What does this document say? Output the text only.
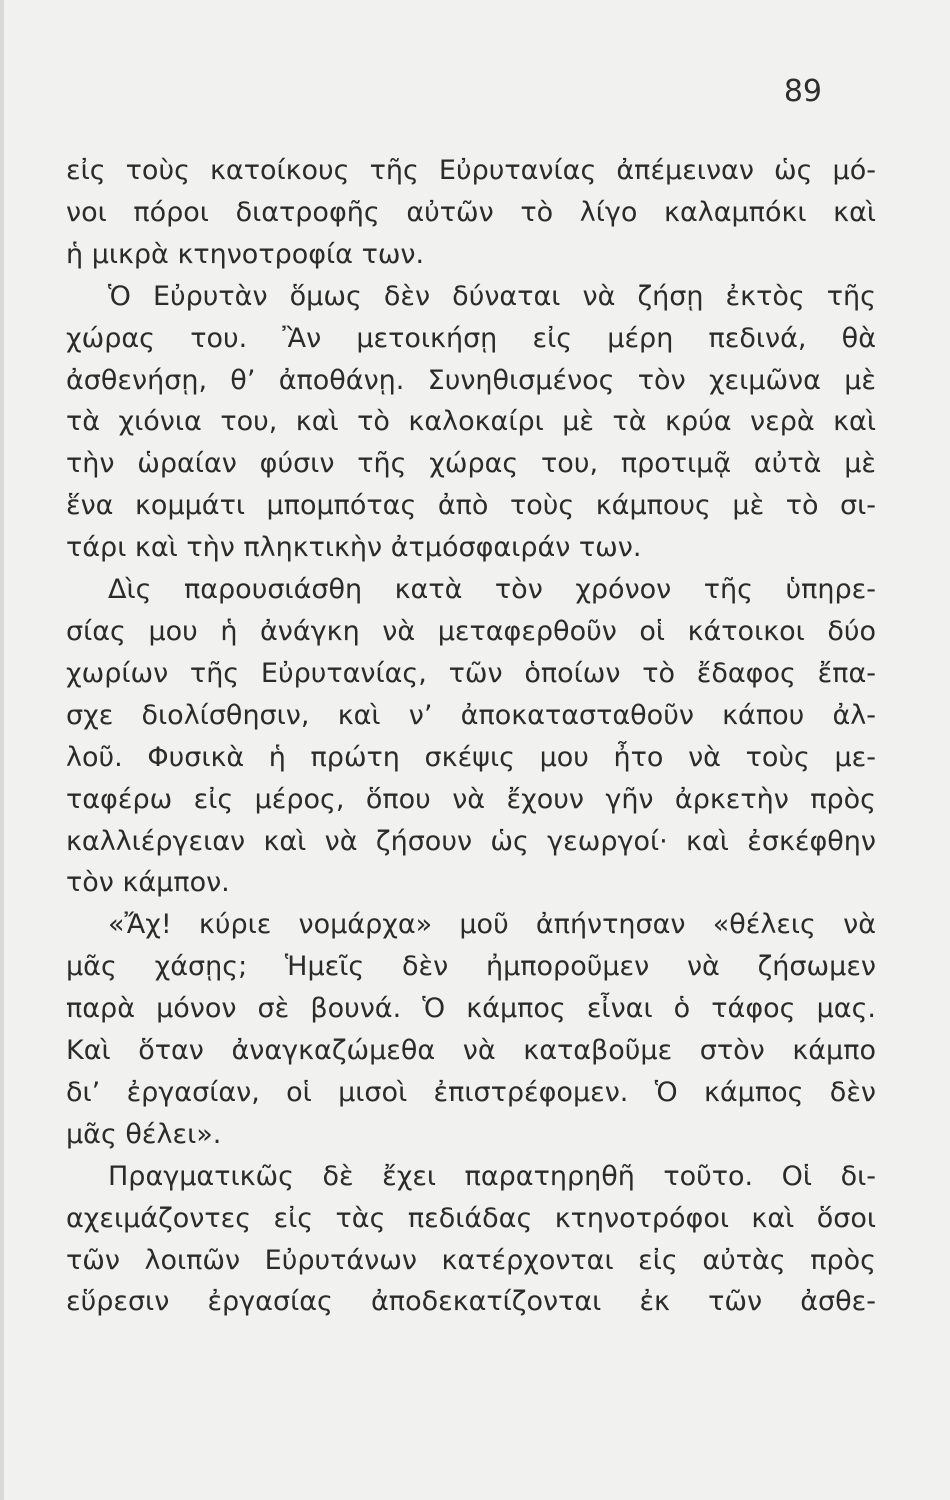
89
εἰς τοὺς κατοίκους τῆς Εὐρυτανίας ἀπέμειναν ὡς μό-
νοι πόροι διατροφῆς αὐτῶν τὸ λίγο καλαμπόκι καὶ
ἡ μικρὰ κτηνοτροφία των.
Ὁ Εὐρυτὰν ὅμως δὲν δύναται νὰ ζήσῃ ἐκτὸς τῆς
χώρας του. Ἂν μετοικήσῃ εἰς μέρη πεδινά, θὰ
ἀσθενήσῃ, θ’ ἀποθάνῃ. Συνηθισμένος τὸν χειμῶνα μὲ
τὰ χιόνια του, καὶ τὸ καλοκαίρι μὲ τὰ κρύα νερὰ καὶ
τὴν ὡραίαν φύσιν τῆς χώρας του, προτιμᾷ αὐτὰ μὲ
ἕνα κομμάτι μπομπότας ἀπὸ τοὺς κάμπους μὲ τὸ σι-
τάρι καὶ τὴν πληκτικὴν ἀτμόσφαιράν των.
Δὶς παρουσιάσθη κατὰ τὸν χρόνον τῆς ὑπηρε-
σίας μου ἡ ἀνάγκη νὰ μεταφερθοῦν οἱ κάτοικοι δύο
χωρίων τῆς Εὐρυτανίας, τῶν ὁποίων τὸ ἔδαφος ἔπα-
σχε διολίσθησιν, καὶ ν’ ἀποκατασταθοῦν κάπου ἀλ-
λοῦ. Φυσικὰ ἡ πρώτη σκέψις μου ἦτο νὰ τοὺς με-
ταφέρω εἰς μέρος, ὅπου νὰ ἔχουν γῆν ἀρκετὴν πρὸς
καλλιέργειαν καὶ νὰ ζήσουν ὡς γεωργοί· καὶ ἐσκέφθην
τὸν κάμπον.
«Ἄχ! κύριε νομάρχα» μοῦ ἀπήντησαν «θέλεις νὰ
μᾶς χάσῃς; Ἡμεῖς δὲν ἠμποροῦμεν νὰ ζήσωμεν
παρὰ μόνον σὲ βουνά. Ὁ κάμπος εἶναι ὁ τάφος μας.
Καὶ ὅταν ἀναγκαζώμεθα νὰ καταβοῦμε στὸν κάμπο
δι’ ἐργασίαν, οἱ μισοὶ ἐπιστρέφομεν. Ὁ κάμπος δὲν
μᾶς θέλει».
Πραγματικῶς δὲ ἔχει παρατηρηθῆ τοῦτο. Οἱ δι-
αχειμάζοντες εἰς τὰς πεδιάδας κτηνοτρόφοι καὶ ὅσοι
τῶν λοιπῶν Εὐρυτάνων κατέρχονται εἰς αὐτὰς πρὸς
εὕρεσιν ἐργασίας ἀποδεκατίζονται ἐκ τῶν ἀσθε-
